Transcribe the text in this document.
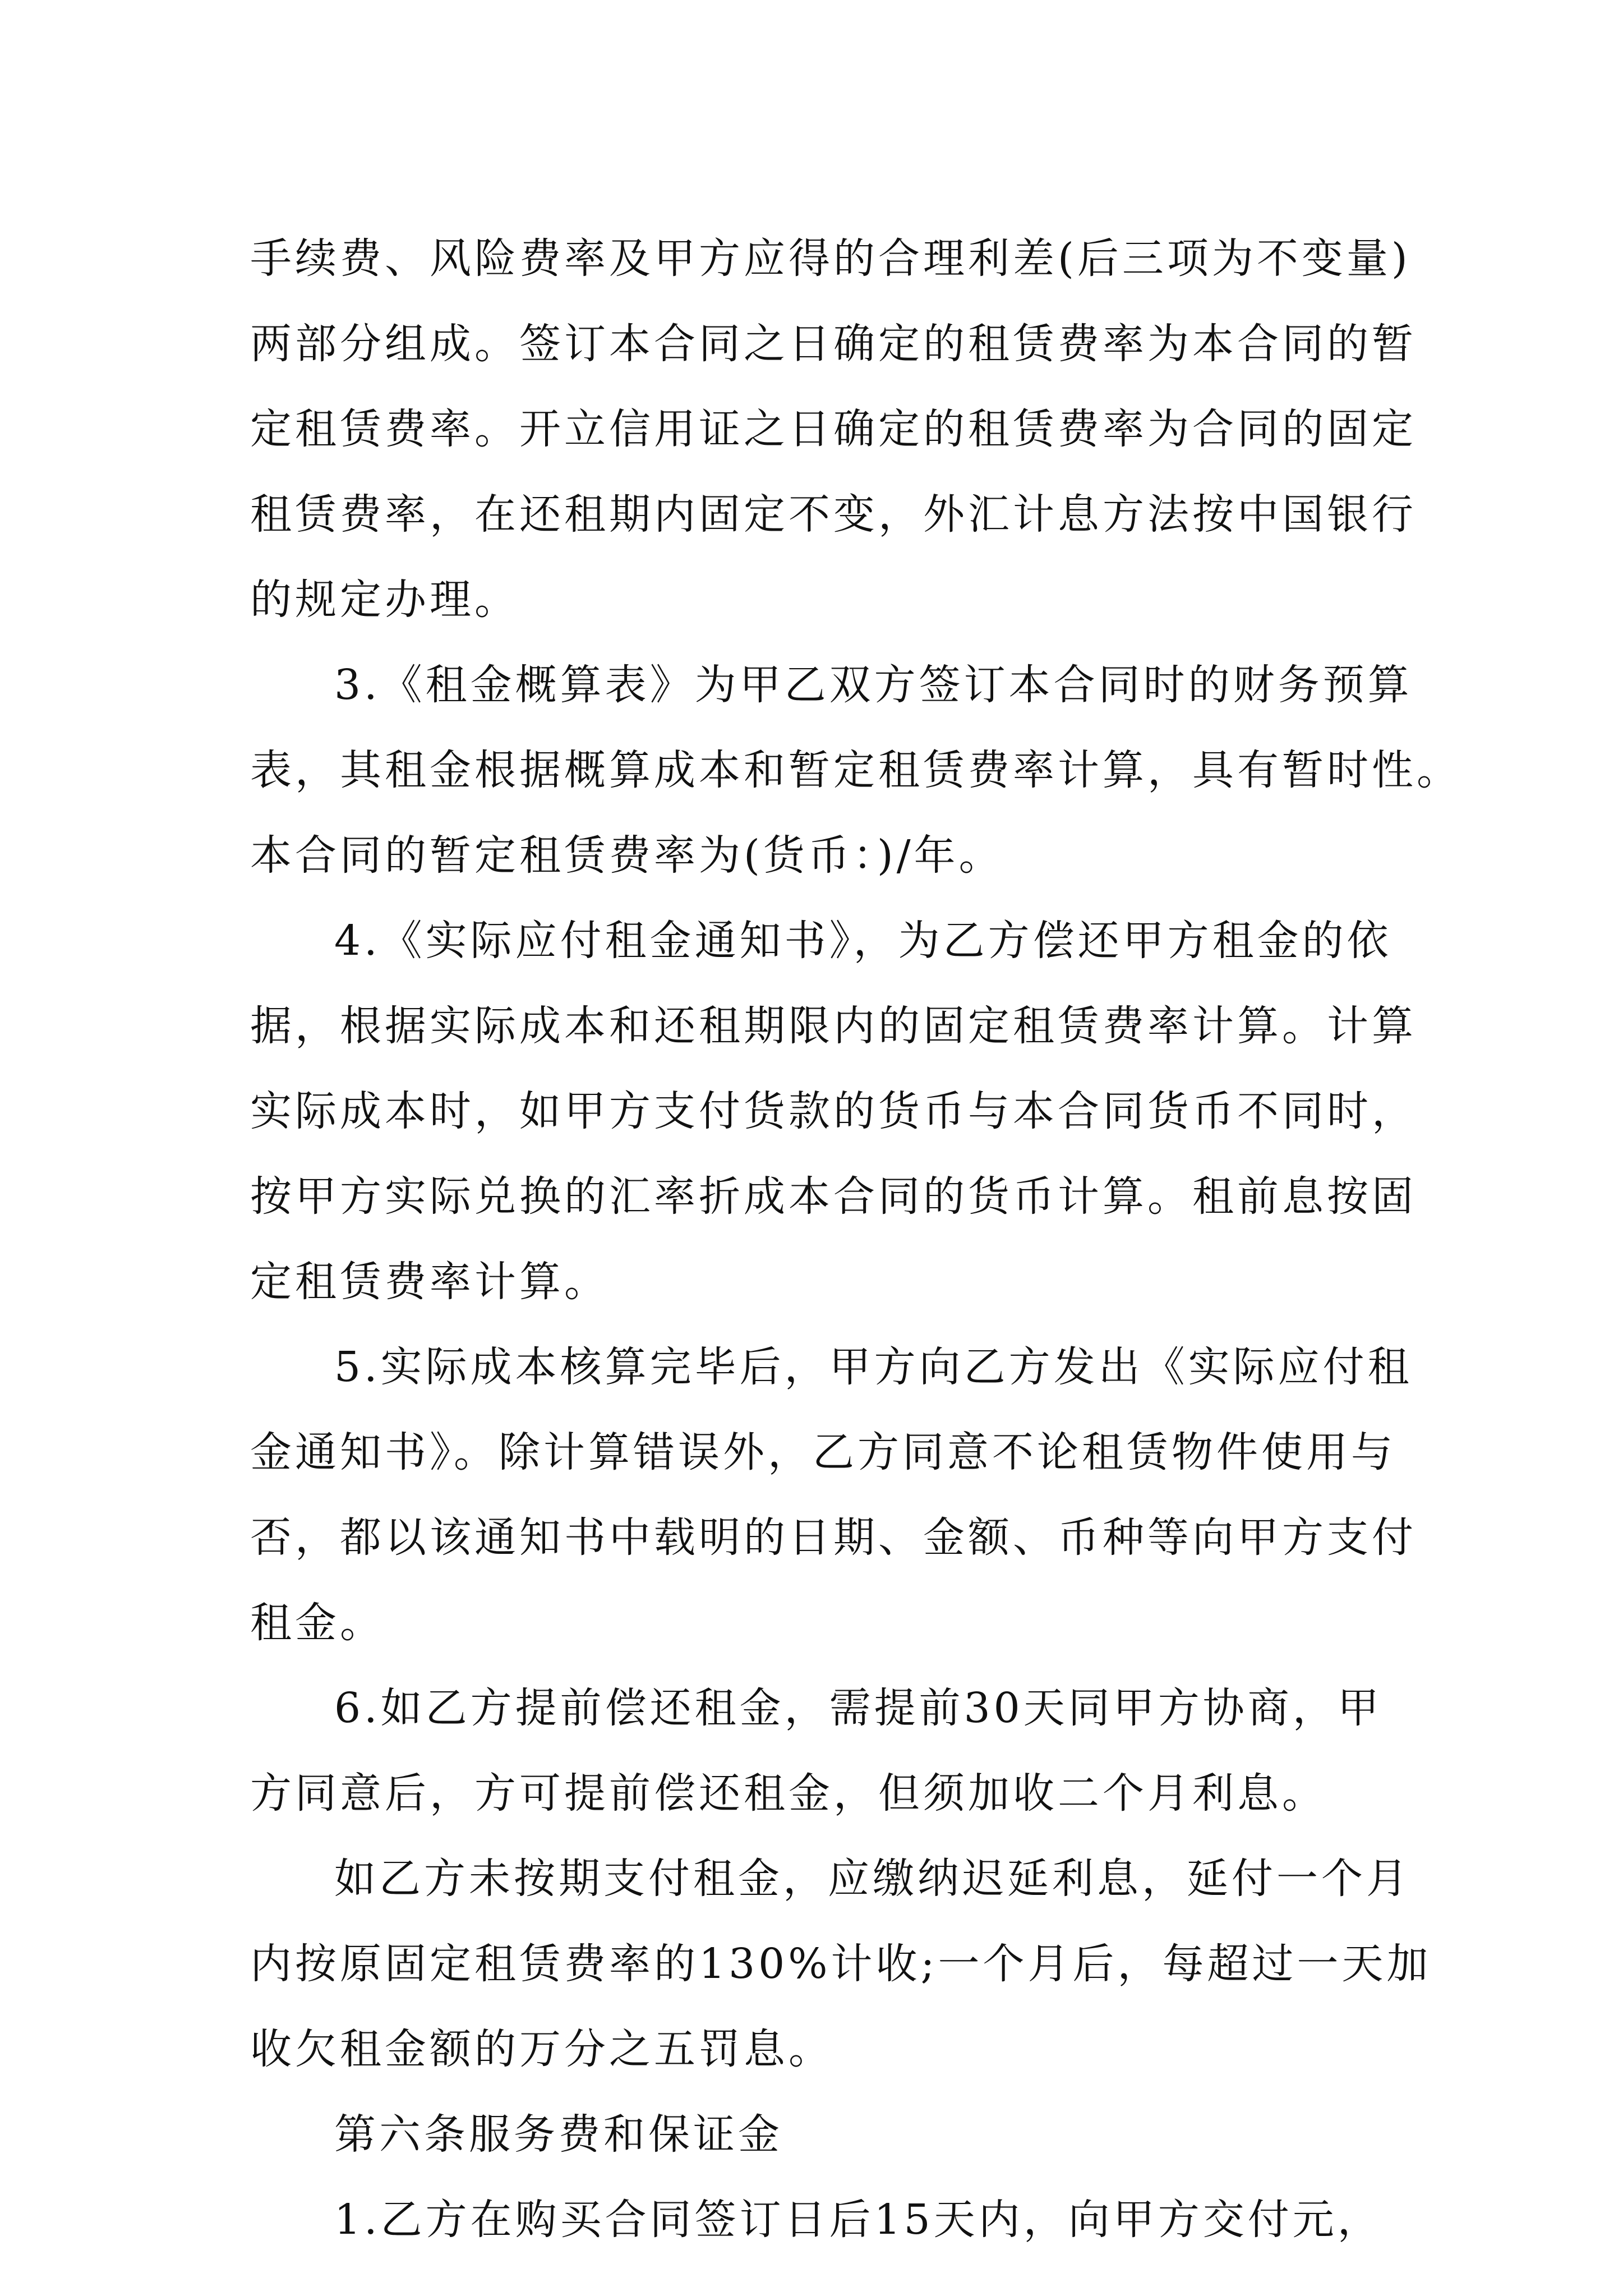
手续费、风险费率及甲方应得的合理利差(后三项为不变量)
两部分组成。签订本合同之日确定的租赁费率为本合同的暂
定租赁费率。开立信用证之日确定的租赁费率为合同的固定
租赁费率，在还租期内固定不变，外汇计息方法按中国银行
的规定办理。
3.《租金概算表》为甲乙双方签订本合同时的财务预算
表，其租金根据概算成本和暂定租赁费率计算，具有暂时性。
本合同的暂定租赁费率为(货币：)/年。
4.《实际应付租金通知书》，为乙方偿还甲方租金的依
据，根据实际成本和还租期限内的固定租赁费率计算。计算
实际成本时，如甲方支付货款的货币与本合同货币不同时，
按甲方实际兑换的汇率折成本合同的货币计算。租前息按固
定租赁费率计算。
5.实际成本核算完毕后，甲方向乙方发出《实际应付租
金通知书》。除计算错误外，乙方同意不论租赁物件使用与
否，都以该通知书中载明的日期、金额、币种等向甲方支付
租金。
6.如乙方提前偿还租金，需提前30天同甲方协商，甲
方同意后，方可提前偿还租金，但须加收二个月利息。
如乙方未按期支付租金，应缴纳迟延利息，延付一个月
内按原固定租赁费率的130%计收;一个月后，每超过一天加
收欠租金额的万分之五罚息。
第六条服务费和保证金
1.乙方在购买合同签订日后15天内，向甲方交付元，
